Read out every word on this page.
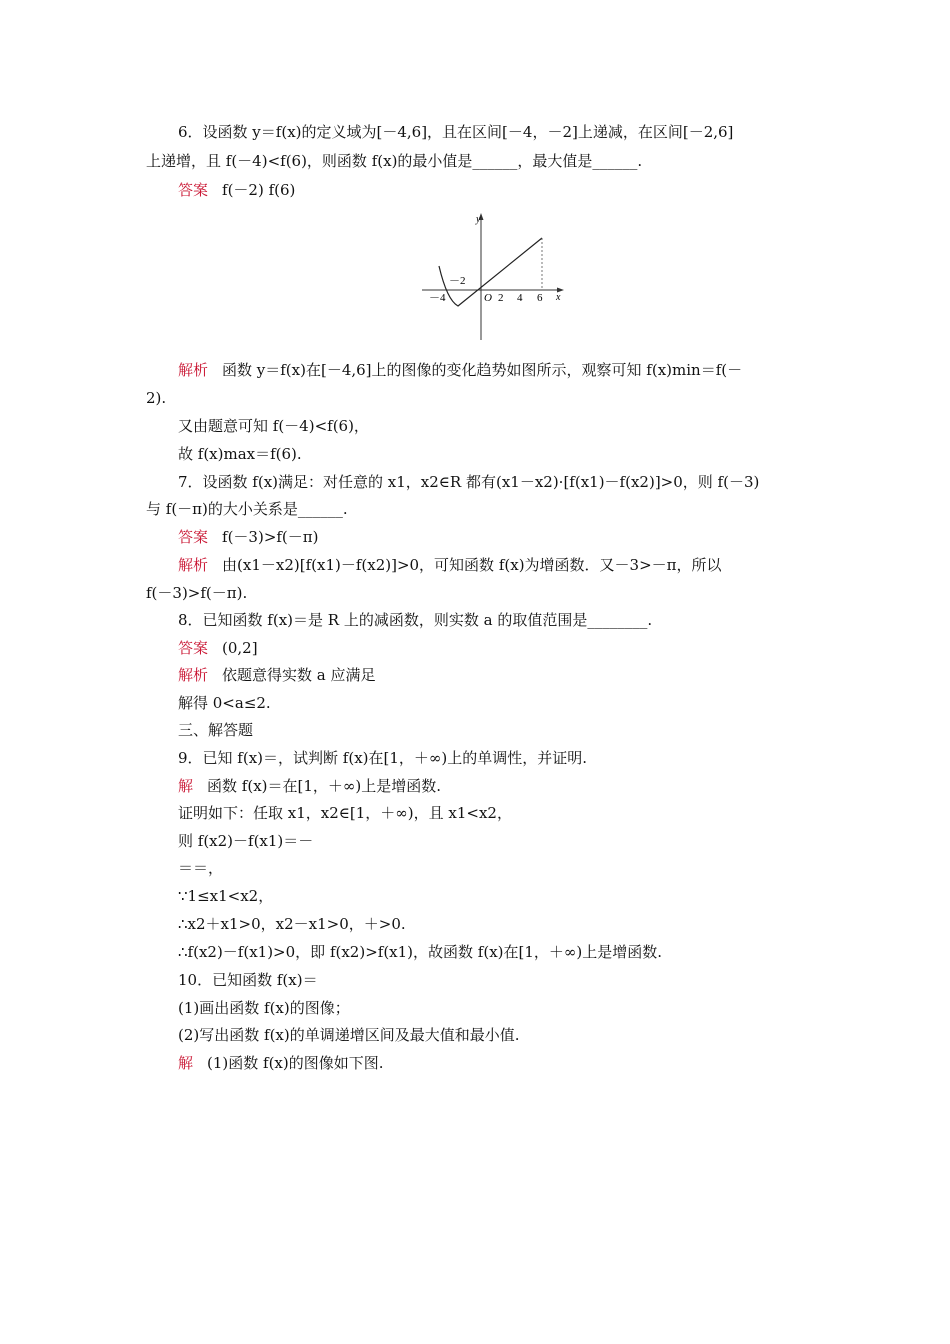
6．设函数 y＝f(x)的定义域为[－4,6]，且在区间[－4，－2]上递减，在区间[－2,6]
上递增，且 f(－4)<f(6)，则函数 f(x)的最小值是______，最大值是______.
答案 f(－2) f(6)
y
x
O
－4
－2
2 4 6
解析 函数 y＝f(x)在[－4,6]上的图像的变化趋势如图所示，观察可知 f(x)min＝f(－
2).
又由题意可知 f(－4)<f(6)，
故 f(x)max＝f(6).
7．设函数 f(x)满足：对任意的 x1，x2∈R 都有(x1－x2)·[f(x1)－f(x2)]>0，则 f(－3)
与 f(－π)的大小关系是______.
答案 f(－3)>f(－π)
解析 由(x1－x2)[f(x1)－f(x2)]>0，可知函数 f(x)为增函数．又－3>－π，所以
f(－3)>f(－π).
8．已知函数 f(x)＝是 R 上的减函数，则实数 a 的取值范围是________.
答案 (0,2]
解析 依题意得实数 a 应满足
解得 0<a≤2.
三、解答题
9．已知 f(x)＝，试判断 f(x)在[1，＋∞)上的单调性，并证明.
解 函数 f(x)＝在[1，＋∞)上是增函数.
证明如下：任取 x1，x2∈[1，＋∞)，且 x1<x2，
则 f(x2)－f(x1)＝－
＝＝，
∵1≤x1<x2，
∴x2＋x1>0，x2－x1>0，＋>0.
∴f(x2)－f(x1)>0，即 f(x2)>f(x1)，故函数 f(x)在[1，＋∞)上是增函数.
10．已知函数 f(x)＝
(1)画出函数 f(x)的图像；
(2)写出函数 f(x)的单调递增区间及最大值和最小值.
解 (1)函数 f(x)的图像如下图.
